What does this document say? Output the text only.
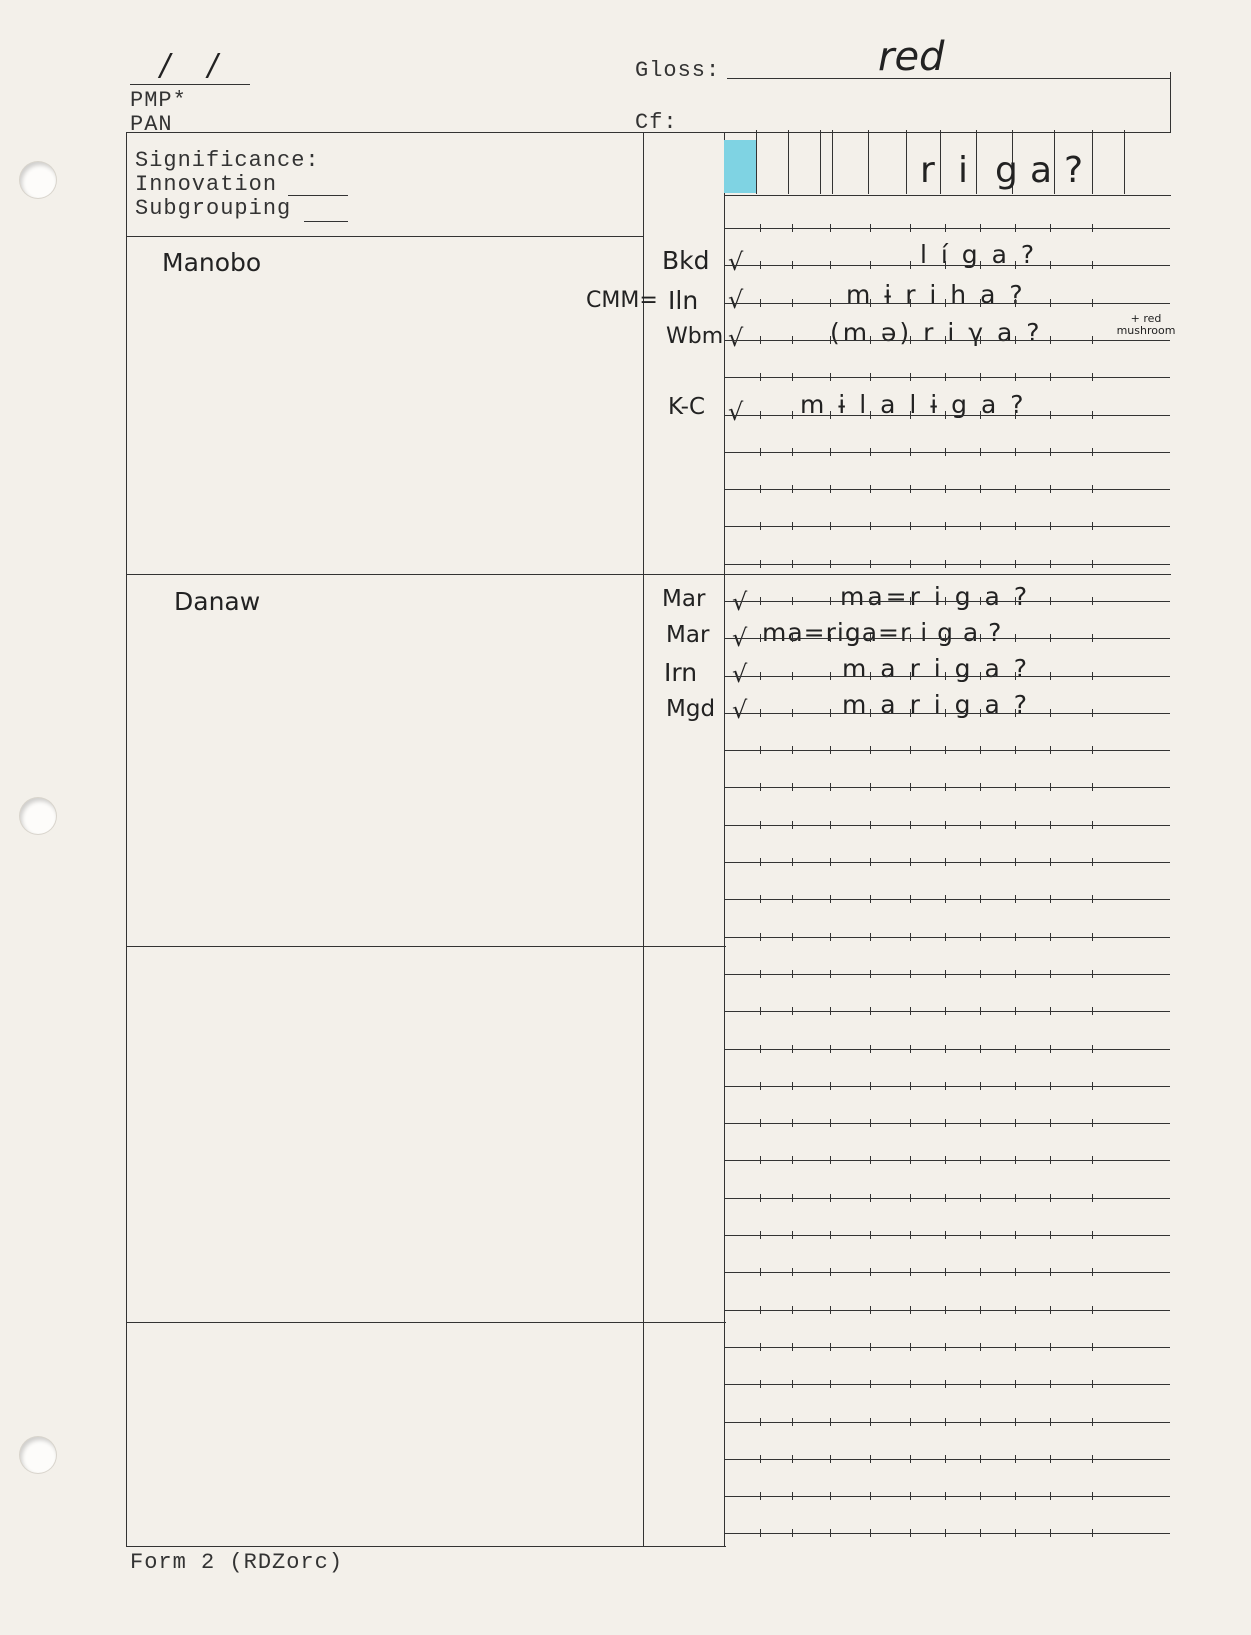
/ /
PMP*
PAN
Gloss:	red
Cf:
Significance:
Innovation
Subgrouping
r i g a ?
Manobo
Danaw
CMM=
Bkd √	l í g a ?
Iln √	m ɨ r i h a ?
Wbm √	(m ə) r i γ a ?	+ red mushroom
K-C √ m ɨ l a l ɨ g a ?
Mar √	ma=r i g a ?
Mar √ ma=riga=r i g a ?
Irn √	m a r i g a ?
Mgd √	m a r i g a ?
Form 2 (RDZorc)
